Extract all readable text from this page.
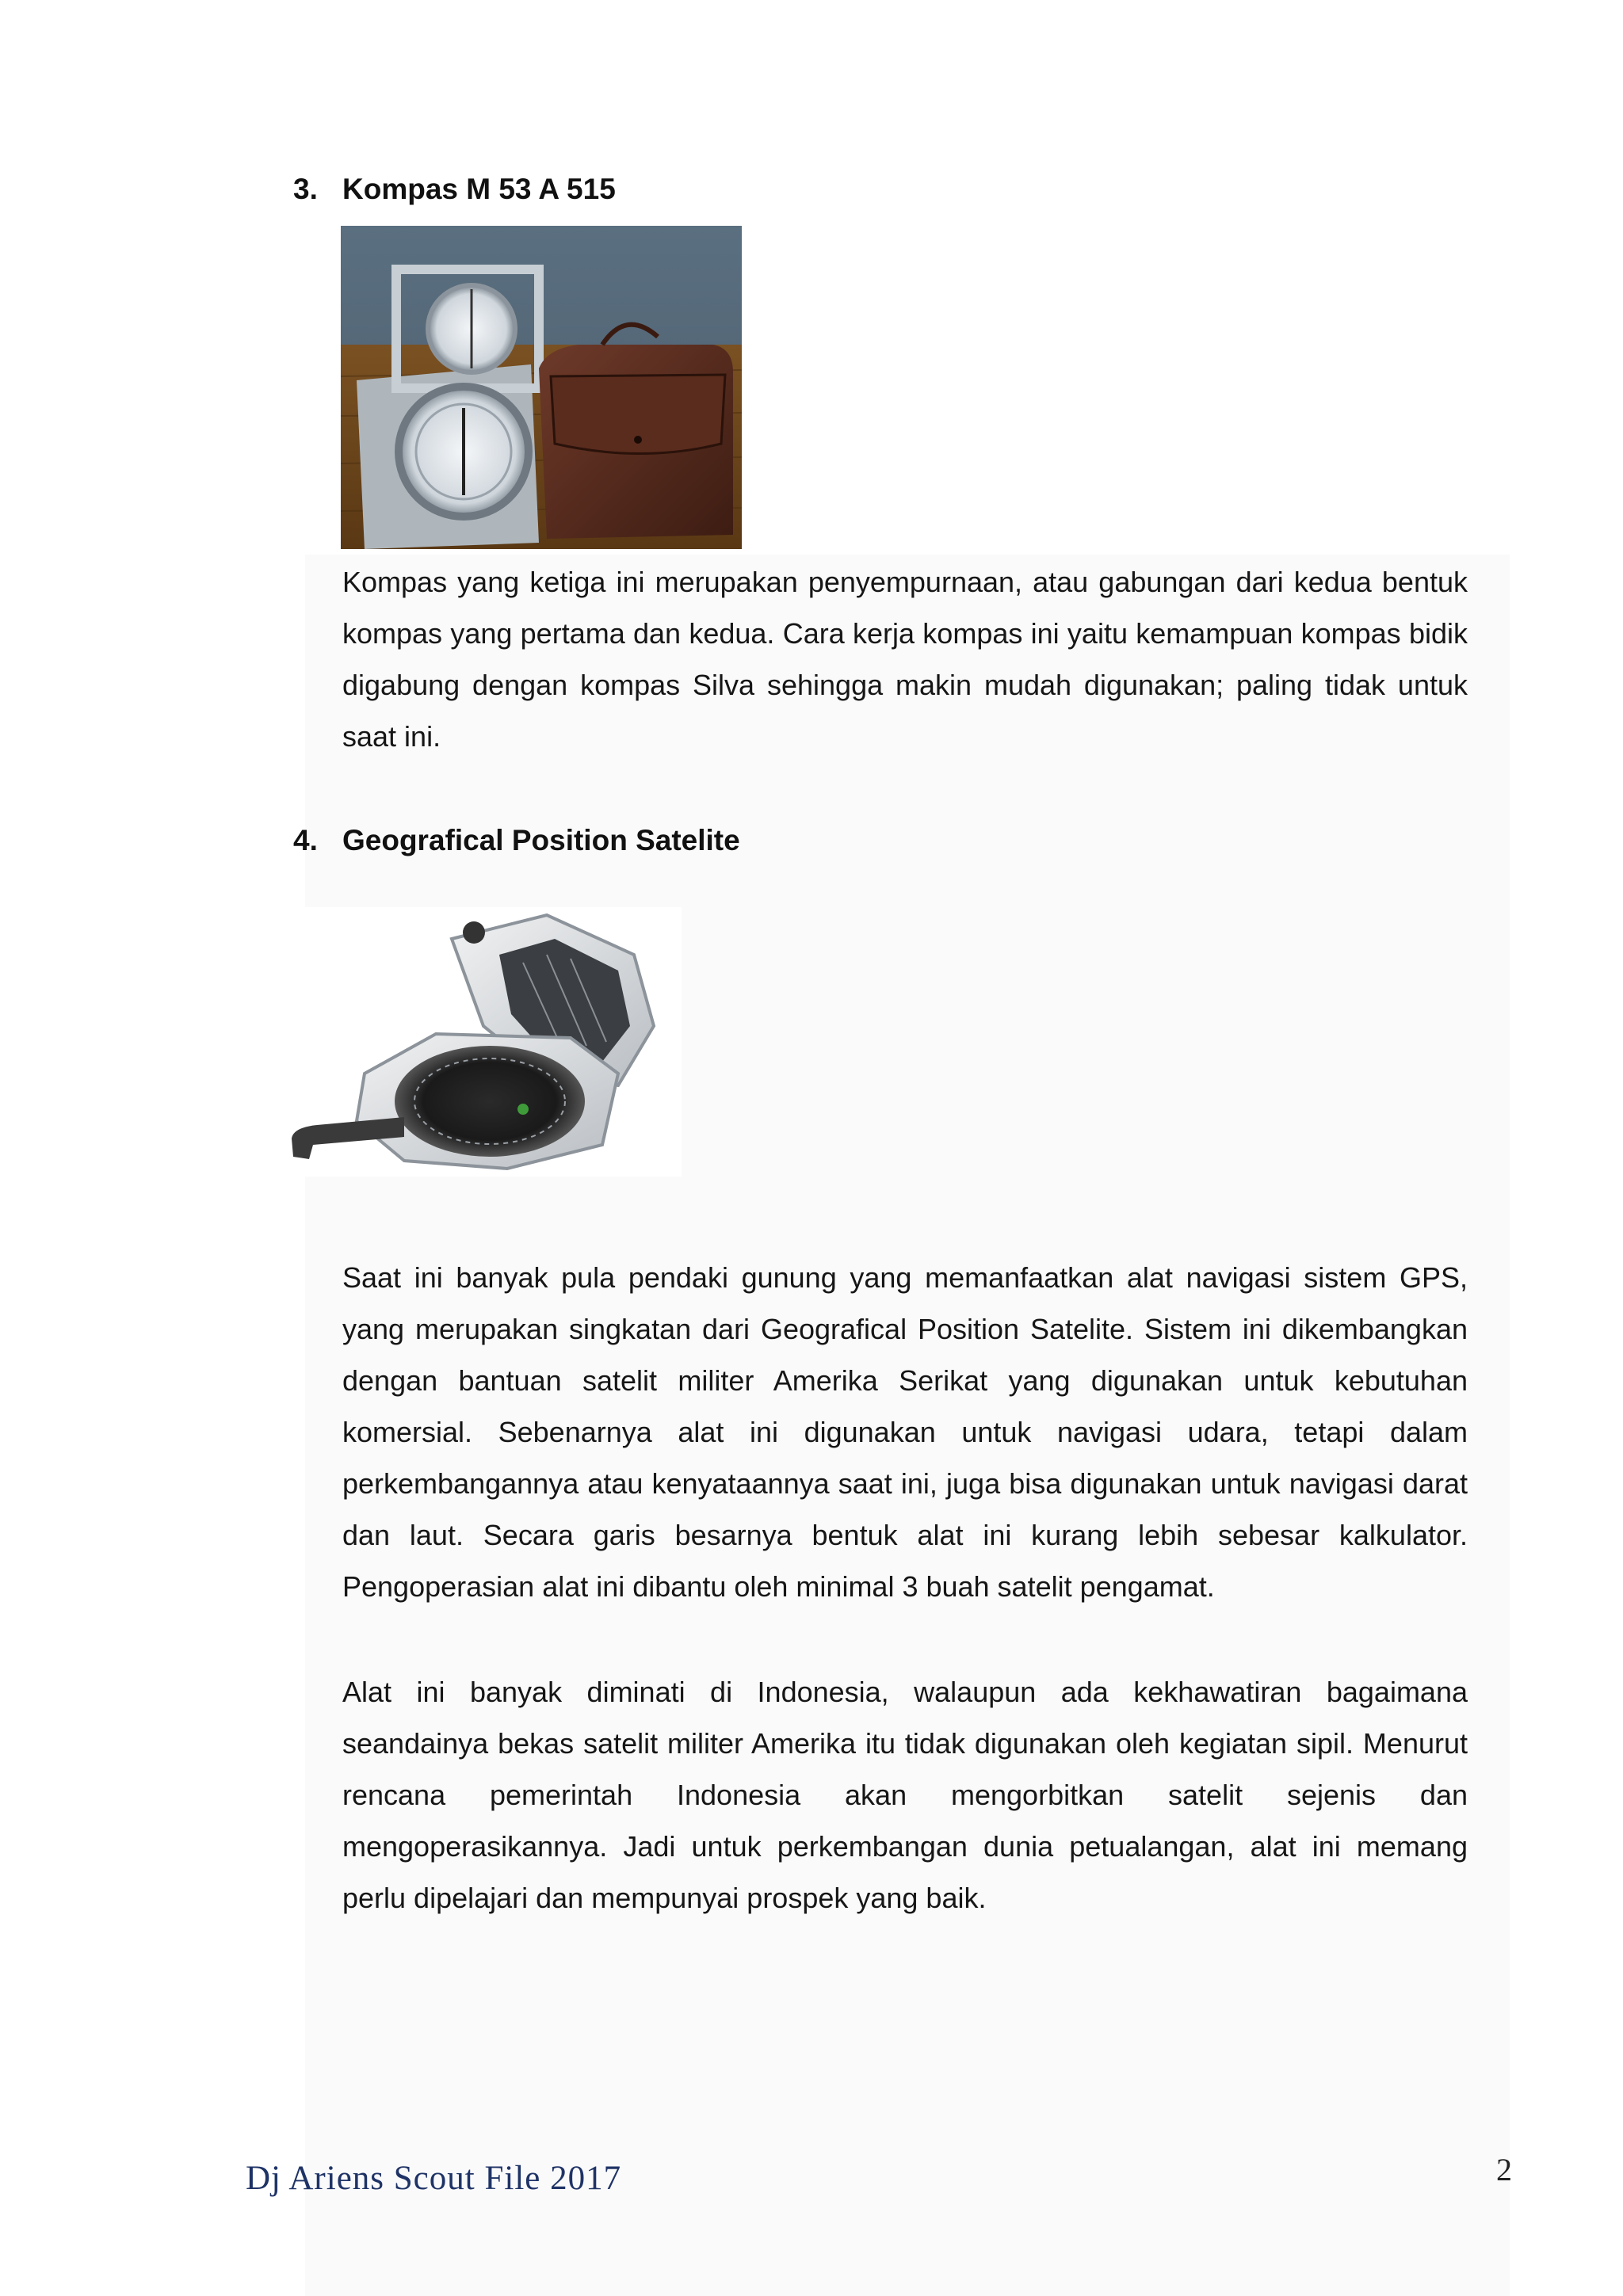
3. Kompas M 53 A 515

Kompas yang ketiga ini merupakan penyempurnaan, atau gabungan dari kedua bentuk kompas yang pertama dan kedua. Cara kerja kompas ini yaitu kemampuan kompas bidik digabung dengan kompas Silva sehingga makin mudah digunakan; paling tidak untuk saat ini.

4. Geografical Position Satelite

Saat ini banyak pula pendaki gunung yang memanfaatkan alat navigasi sistem GPS, yang merupakan singkatan dari Geografical Position Satelite. Sistem ini dikembangkan dengan bantuan satelit militer Amerika Serikat yang digunakan untuk kebutuhan komersial. Sebenarnya alat ini digunakan untuk navigasi udara, tetapi dalam perkembangannya atau kenyataannya saat ini, juga bisa digunakan untuk navigasi darat dan laut. Secara garis besarnya bentuk alat ini kurang lebih sebesar kalkulator. Pengoperasian alat ini dibantu oleh minimal 3 buah satelit pengamat.

Alat ini banyak diminati di Indonesia, walaupun ada kekhawatiran bagaimana seandainya bekas satelit militer Amerika itu tidak digunakan oleh kegiatan sipil. Menurut rencana pemerintah Indonesia akan mengorbitkan satelit sejenis dan mengoperasikannya. Jadi untuk perkembangan dunia petualangan, alat ini memang perlu dipelajari dan mempunyai prospek yang baik.

Dj Ariens Scout File 2017	2
